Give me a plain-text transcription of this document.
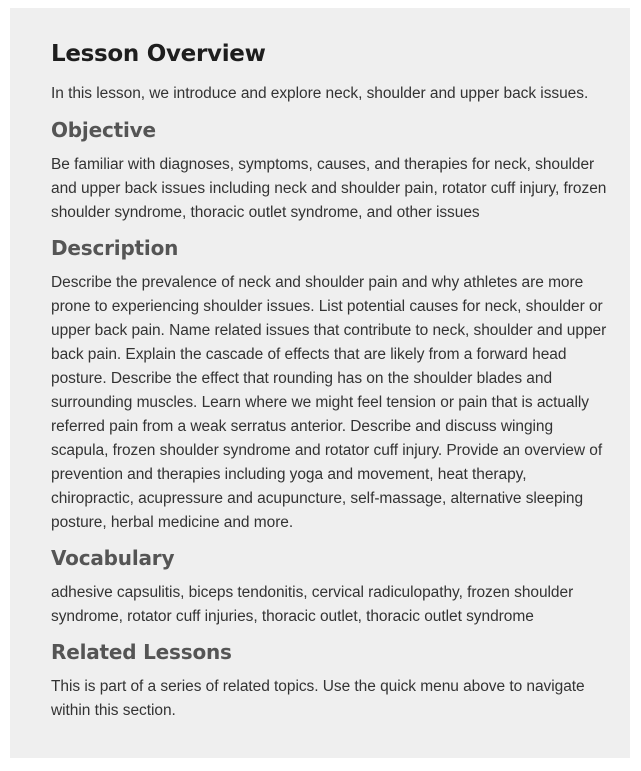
Lesson Overview

In this lesson, we introduce and explore neck, shoulder and upper back issues.

Objective

Be familiar with diagnoses, symptoms, causes, and therapies for neck, shoulder and upper back issues including neck and shoulder pain, rotator cuff injury, frozen shoulder syndrome, thoracic outlet syndrome, and other issues

Description

Describe the prevalence of neck and shoulder pain and why athletes are more prone to experiencing shoulder issues. List potential causes for neck, shoulder or upper back pain. Name related issues that contribute to neck, shoulder and upper back pain. Explain the cascade of effects that are likely from a forward head posture. Describe the effect that rounding has on the shoulder blades and surrounding muscles. Learn where we might feel tension or pain that is actually referred pain from a weak serratus anterior. Describe and discuss winging scapula, frozen shoulder syndrome and rotator cuff injury. Provide an overview of prevention and therapies including yoga and movement, heat therapy, chiropractic, acupressure and acupuncture, self-massage, alternative sleeping posture, herbal medicine and more.

Vocabulary

adhesive capsulitis, biceps tendonitis, cervical radiculopathy, frozen shoulder syndrome, rotator cuff injuries, thoracic outlet, thoracic outlet syndrome

Related Lessons

This is part of a series of related topics. Use the quick menu above to navigate within this section.
